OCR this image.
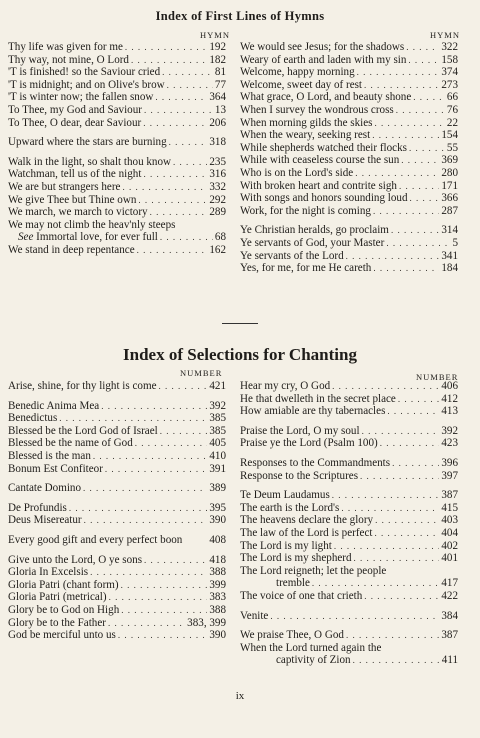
Index of First Lines of Hymns
HYMN	HYMN
Thy life was given for me . . .	192
Thy way, not mine, O Lord . . .	182
'T is finished! so the Saviour cried . . .	81
'T is midnight; and on Olive's brow . . .	77
'T is winter now; the fallen snow . . .	364
To Thee, my God and Saviour . . .	13
To Thee, O dear, dear Saviour . . .	206
Upward where the stars are burning . . .	318
Walk in the light, so shalt thou know . . .	235
Watchman, tell us of the night . . .	316
We are but strangers here . . .	332
We give Thee but Thine own . . .	292
We march, we march to victory . . .	289
We may not climb the heav'nly steeps
See Immortal love, for ever full . . .	68
We stand in deep repentance . . .	162
We would see Jesus; for the shadows . . .	322
Weary of earth and laden with my sin . . .	158
Welcome, happy morning . . .	374
Welcome, sweet day of rest . . .	273
What grace, O Lord, and beauty shone . . .	66
When I survey the wondrous cross . . .	76
When morning gilds the skies . . .	22
When the weary, seeking rest . . .	154
While shepherds watched their flocks . . .	55
While with ceaseless course the sun . . .	369
Who is on the Lord's side . . .	280
With broken heart and contrite sigh . . .	171
With songs and honors sounding loud . . .	366
Work, for the night is coming . . .	287
Ye Christian heralds, go proclaim . . .	314
Ye servants of God, your Master . . .	5
Ye servants of the Lord . . .	341
Yes, for me, for me He careth . . .	184
Index of Selections for Chanting
NUMBER	NUMBER
Arise, shine, for thy light is come . . .	421
Benedic Anima Mea . . .	392
Benedictus . . .	385
Blessed be the Lord God of Israel . . .	385
Blessed be the name of God . . .	405
Blessed is the man . . .	410
Bonum Est Confiteor . . .	391
Cantate Domino . . .	389
De Profundis . . .	395
Deus Misereatur . . .	390
Every good gift and every perfect boon 408
Give unto the Lord, O ye sons . . .	418
Gloria In Excelsis . . .	388
Gloria Patri (chant form) . . .	399
Gloria Patri (metrical) . . .	383
Glory be to God on High . . .	388
Glory be to the Father . . .	383, 399
God be merciful unto us . . .	390
Hear my cry, O God . . .	406
He that dwelleth in the secret place . . .	412
How amiable are thy tabernacles . . .	413
Praise the Lord, O my soul . . .	392
Praise ye the Lord (Psalm 100) . . .	423
Responses to the Commandments . . .	396
Response to the Scriptures . . .	397
Te Deum Laudamus . . .	387
The earth is the Lord's . . .	415
The heavens declare the glory . . .	403
The law of the Lord is perfect . . .	404
The Lord is my light . . .	402
The Lord is my shepherd . . .	401
The Lord reigneth; let the people
tremble . . .	417
The voice of one that crieth . . .	422
Venite . . .	384
We praise Thee, O God . . .	387
When the Lord turned again the
captivity of Zion . . .	411
ix
